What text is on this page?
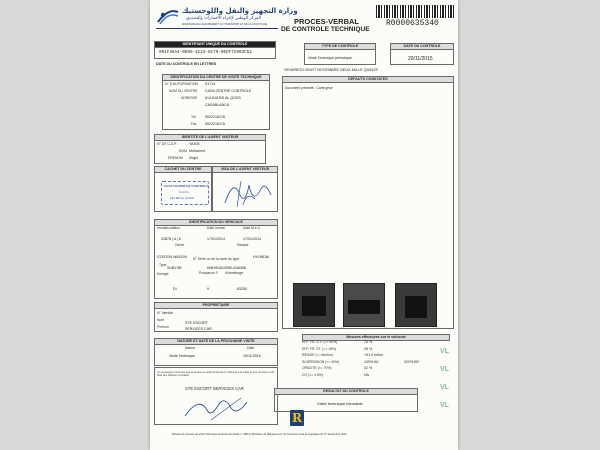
وزارة التجهيز والنقل واللوجستيك
المركز الوطني لإجراء الاختبارات والتصديق
MINISTERE DE L'EQUIPEMENT, DU TRANSPORT ET DE LA LOGISTIQUE	PROCES-VERBAL
DE CONTROLE TECHNIQUE
R0000635340
IDENTIFIANT UNIQUE DU CONTROLE
001F39A4-0D96-4C23-8C79-9EDF72903C52
DATE DU CONTROLE EN LETTRES
TYPE DE CONTROLE
Visite Technique périodique
DATE DU CONTROLE
20/11/2015
VENDREDI VINGT NOVEMBRE DEUX MILLE QUINZE
IDENTIFICATION DU CENTRE DE VISITE TECHNIQUE
N° D'AUTORISATION S1714
NOM DU CENTRE CASA CENTRE CONTROLE
ADRESSE 614-618 BD AL QODS
CASABLANCA
Tél	0522218176
Fax 0522218176
DEFAUTS CONSTATES
Document présenté : Carte grise
IDENTITE DE L'AGENT VISITEUR
N° DE C.A.P :	YA405
NOM Mohamed
PRENOM Zirgui
CACHET DU CENTRE
CASA CENTRE DE CONTROLE
S.A.R.L
614 BD AL QODS
VISA DE L'AGENT VISITEUR
IDENTIFICATION DU VEHICULE
Immatriculation	Date Immat.	Date M.e.C.
22878 | A | 6	17/01/2014	17/01/2014
Genre	Marque
STATION WAGON	HYUNDAI
Type
N° Série ou de la carte du type
SUBYXB	KMHSU81XBEU246456
Energie	Puissance F. Kilométrage
DI	9	83250
PROPRIETAIRE
N° Identité
Nom
Prénom
STE ESCORT
SERVICES CAR
NATURE ET DATE DE LA PROCHAINE VISITE
Nature	Date
Visite Technique	19/11/2016
Mesures effectuées sur le véhicule
EFF. FR. S.V. (>= 50%)	70 %
EFF. FR. ST. (>= 18%)	26 %
RIPAGE (<= 5m/km)	+01.0 m/km
SUSPENSION (>= 40%)	100% AV	022% AR
OPACITE (<= 70%)	32 %
CO (<= 4.5%)	NA
Je soussigné reconnais que la personne ayant présenté le véhicule à la visite et que mention a été faite des défauts constatés.
STE ESCORT SERVICES CAR	RESULTAT DU CONTROLE
Visite technique favorable
R
Réseau de Centres de Visite Technique autorisé par Arrêté n° 189 du Ministère de l'Equipement, du Transport et de la Logistique du 27 Septembre 2012
VL
VL
VL
VL
